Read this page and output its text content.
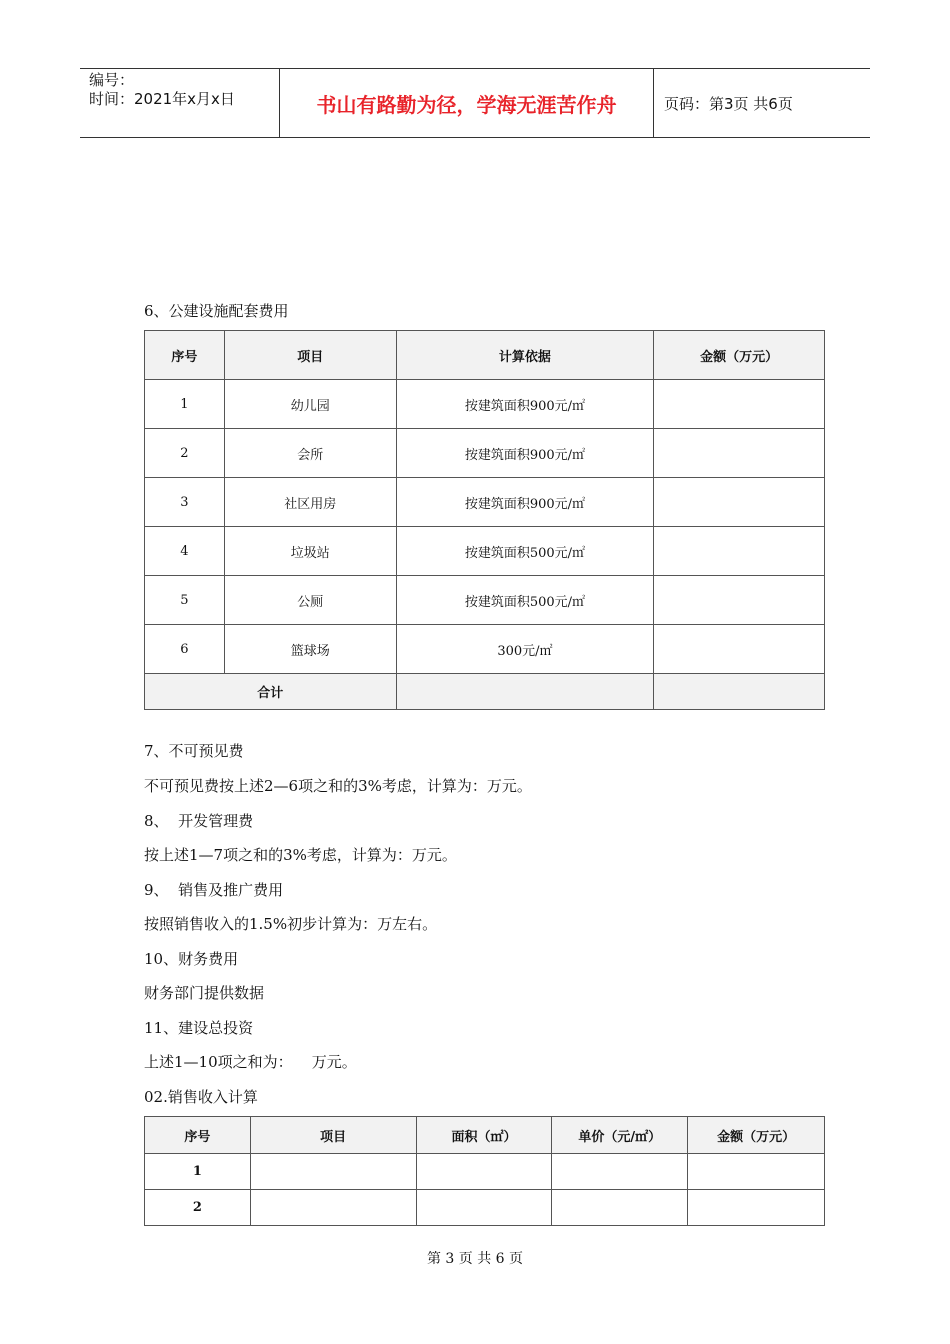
编号：
时间：2021年x月x日	书山有路勤为径，学海无涯苦作舟	页码：第3页 共6页
6、公建设施配套费用
序号	项目	计算依据	金额（万元）
1	幼儿园	按建筑面积900元/㎡	
2	会所	按建筑面积900元/㎡	
3	社区用房	按建筑面积900元/㎡	
4	垃圾站	按建筑面积500元/㎡	
5	公厕	按建筑面积500元/㎡	
6	篮球场	300元/㎡	
合计			
7、不可预见费
不可预见费按上述2—6项之和的3%考虑，计算为：万元。
8、  开发管理费
按上述1—7项之和的3%考虑，计算为：万元。
9、  销售及推广费用
按照销售收入的1.5%初步计算为：万左右。
10、财务费用
财务部门提供数据
11、建设总投资
上述1—10项之和为：    万元。
02.销售收入计算
序号	项目	面积（㎡）	单价（元/㎡）	金额（万元）
1				
2				
第 3 页 共 6 页
